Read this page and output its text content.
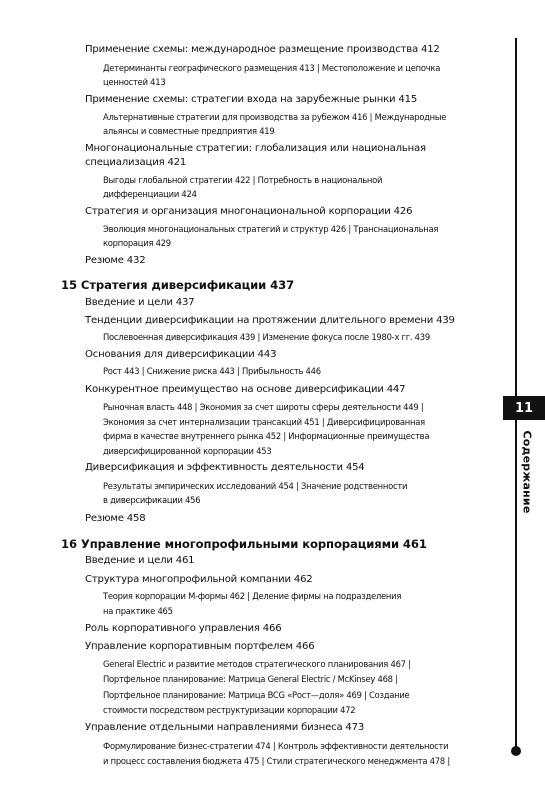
Применение схемы: международное размещение производства 412
Детерминанты географического размещения 413 | Местоположение и цепочка
ценностей 413
Применение схемы: стратегии входа на зарубежные рынки 415
Альтернативные стратегии для производства за рубежом 416 | Международные
альянсы и совместные предприятия 419
Многонациональные стратегии: глобализация или национальная
специализация 421
Выгоды глобальной стратегии 422 | Потребность в национальной
дифференциации 424
Стратегия и организация многонациональной корпорации 426
Эволюция многонациональных стратегий и структур 426 | Транснациональная
корпорация 429
Резюме 432
15 Стратегия диверсификации 437
Введение и цели 437
Тенденции диверсификации на протяжении длительного времени 439
Послевоенная диверсификация 439 | Изменение фокуса после 1980-х гг. 439
Основания для диверсификации 443
Рост 443 | Снижение риска 443 | Прибыльность 446
Конкурентное преимущество на основе диверсификации 447
Рыночная власть 448 | Экономия за счет широты сферы деятельности 449 |
Экономия за счет интернализации трансакций 451 | Диверсифицированная
фирма в качестве внутреннего рынка 452 | Информационные преимущества
диверсифицированной корпорации 453
Диверсификация и эффективность деятельности 454
Результаты эмпирических исследований 454 | Значение родственности
в диверсификации 456
Резюме 458
16 Управление многопрофильными корпорациями 461
Введение и цели 461
Структура многопрофильной компании 462
Теория корпорации М-формы 462 | Деление фирмы на подразделения
на практике 465
Роль корпоративного управления 466
Управление корпоративным портфелем 466
General Electric и развитие методов стратегического планирования 467 |
Портфельное планирование: Матрица General Electric / McKinsey 468 |
Портфельное планирование: Матрица BCG «Рост—доля» 469 | Создание
стоимости посредством реструктуризации корпорации 472
Управление отдельными направлениями бизнеса 473
Формулирование бизнес-стратегии 474 | Контроль эффективности деятельности
и процесс составления бюджета 475 | Стили стратегического менеджмента 478 |
11
Содержание
